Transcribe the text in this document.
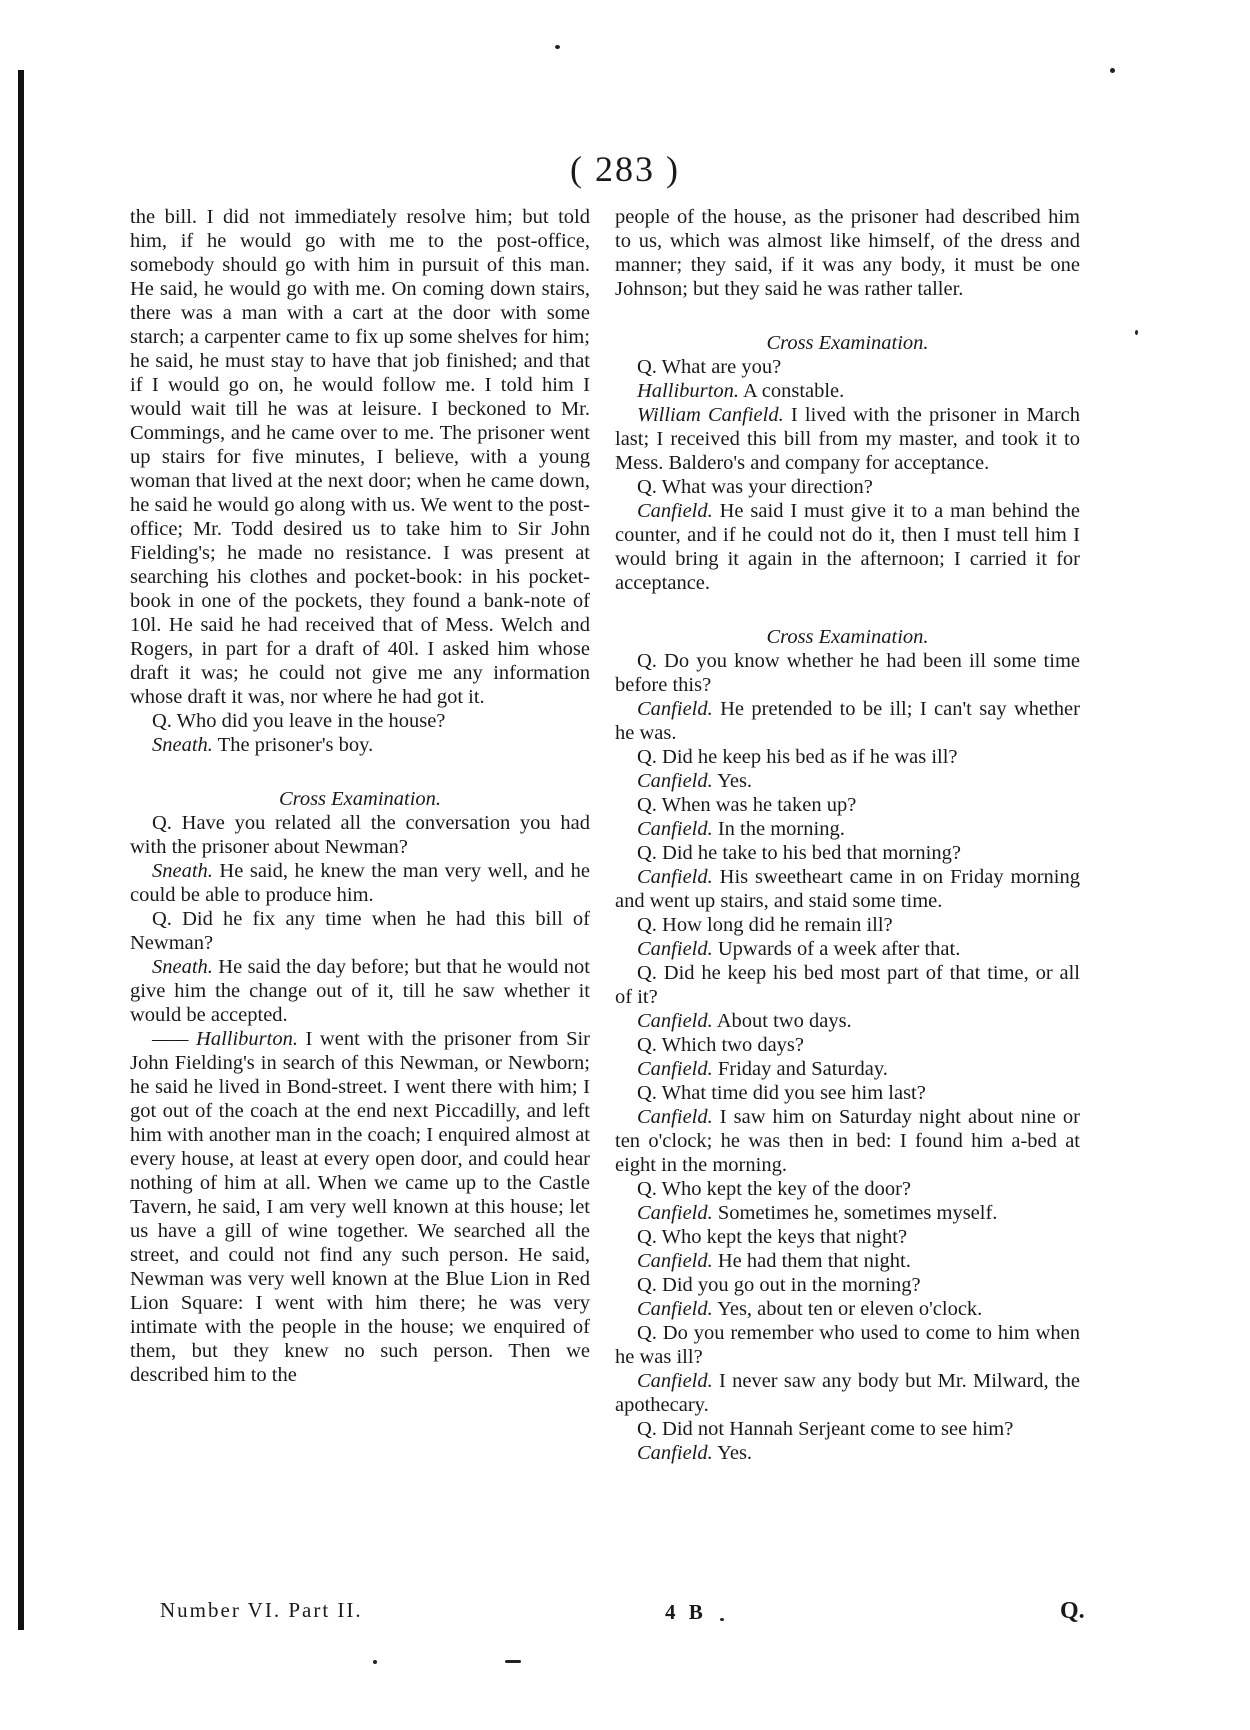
( 283 )

the bill. I did not immediately resolve him; but told him, if he would go with me to the post-office, somebody should go with him in pursuit of this man. He said, he would go with me. On coming down stairs, there was a man with a cart at the door with some starch; a carpenter came to fix up some shelves for him; he said, he must stay to have that job finished; and that if I would go on, he would follow me. I told him I would wait till he was at leisure. I beckoned to Mr. Commings, and he came over to me. The prisoner went up stairs for five minutes, I believe, with a young woman that lived at the next door; when he came down, he said he would go along with us. We went to the post-office; Mr. Todd desired us to take him to Sir John Fielding's; he made no resistance. I was present at searching his clothes and pocket-book: in his pocket-book in one of the pockets, they found a bank-note of 10l. He said he had received that of Mess. Welch and Rogers, in part for a draft of 40l. I asked him whose draft it was; he could not give me any information whose draft it was, nor where he had got it.

Q. Who did you leave in the house?

Sneath. The prisoner's boy.

Cross Examination.

Q. Have you related all the conversation you had with the prisoner about Newman?

Sneath. He said, he knew the man very well, and he could be able to produce him.

Q. Did he fix any time when he had this bill of Newman?

Sneath. He said the day before; but that he would not give him the change out of it, till he saw whether it would be accepted.

—— Halliburton. I went with the prisoner from Sir John Fielding's in search of this Newman, or Newborn; he said he lived in Bond-street. I went there with him; I got out of the coach at the end next Piccadilly, and left him with another man in the coach; I enquired almost at every house, at least at every open door, and could hear nothing of him at all. When we came up to the Castle Tavern, he said, I am very well known at this house; let us have a gill of wine together. We searched all the street, and could not find any such person. He said, Newman was very well known at the Blue Lion in Red Lion Square: I went with him there; he was very intimate with the people in the house; we enquired of them, but they knew no such person. Then we described him to the

people of the house, as the prisoner had described him to us, which was almost like himself, of the dress and manner; they said, if it was any body, it must be one Johnson; but they said he was rather taller.

Cross Examination.

Q. What are you?

Halliburton. A constable.

William Canfield. I lived with the prisoner in March last; I received this bill from my master, and took it to Mess. Baldero's and company for acceptance.

Q. What was your direction?

Canfield. He said I must give it to a man behind the counter, and if he could not do it, then I must tell him I would bring it again in the afternoon; I carried it for acceptance.

Cross Examination.

Q. Do you know whether he had been ill some time before this?

Canfield. He pretended to be ill; I can't say whether he was.

Q. Did he keep his bed as if he was ill?

Canfield. Yes.

Q. When was he taken up?

Canfield. In the morning.

Q. Did he take to his bed that morning?

Canfield. His sweetheart came in on Friday morning and went up stairs, and staid some time.

Q. How long did he remain ill?

Canfield. Upwards of a week after that.

Q. Did he keep his bed most part of that time, or all of it?

Canfield. About two days.

Q. Which two days?

Canfield. Friday and Saturday.

Q. What time did you see him last?

Canfield. I saw him on Saturday night about nine or ten o'clock; he was then in bed: I found him a-bed at eight in the morning.

Q. Who kept the key of the door?

Canfield. Sometimes he, sometimes myself.

Q. Who kept the keys that night?

Canfield. He had them that night.

Q. Did you go out in the morning?

Canfield. Yes, about ten or eleven o'clock.

Q. Do you remember who used to come to him when he was ill?

Canfield. I never saw any body but Mr. Milward, the apothecary.

Q. Did not Hannah Serjeant come to see him?

Canfield. Yes.

Number VI. Part II.	4 B	Q.
